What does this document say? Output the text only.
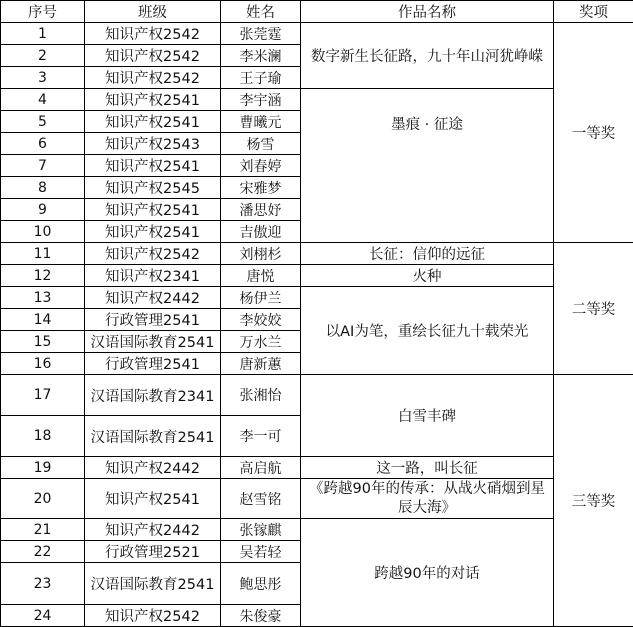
序号	班级	姓名	作品名称	奖项
1	知识产权2542	张莞霆	数字新生长征路，九十年山河犹峥嵘	一等奖
2	知识产权2542	李米澜		
3	知识产权2542	王子瑜		
4	知识产权2541	李宇涵	墨痕 · 征途	
5	知识产权2541	曹曦元		
6	知识产权2543	杨雪		
7	知识产权2541	刘春婷		
8	知识产权2545	宋雅梦		
9	知识产权2541	潘思妤		
10	知识产权2541	吉傲迎		
11	知识产权2542	刘栩杉	长征：信仰的远征	二等奖
12	知识产权2341	唐悦	火种	
13	知识产权2442	杨伊兰	以AI为笔，重绘长征九十载荣光	
14	行政管理2541	李姣姣		
15	汉语国际教育2541	万水兰		
16	行政管理2541	唐新蕙		
17	汉语国际教育2341	张湘怡	白雪丰碑	三等奖
18	汉语国际教育2541	李一可		
19	知识产权2442	高启航	这一路，叫长征	
20	知识产权2541	赵雪铭	《跨越90年的传承：从战火硝烟到星辰大海》	
21	知识产权2442	张镓麒	跨越90年的对话	
22	行政管理2521	吴若轻		
23	汉语国际教育2541	鲍思彤		
24	知识产权2542	朱俊豪		
